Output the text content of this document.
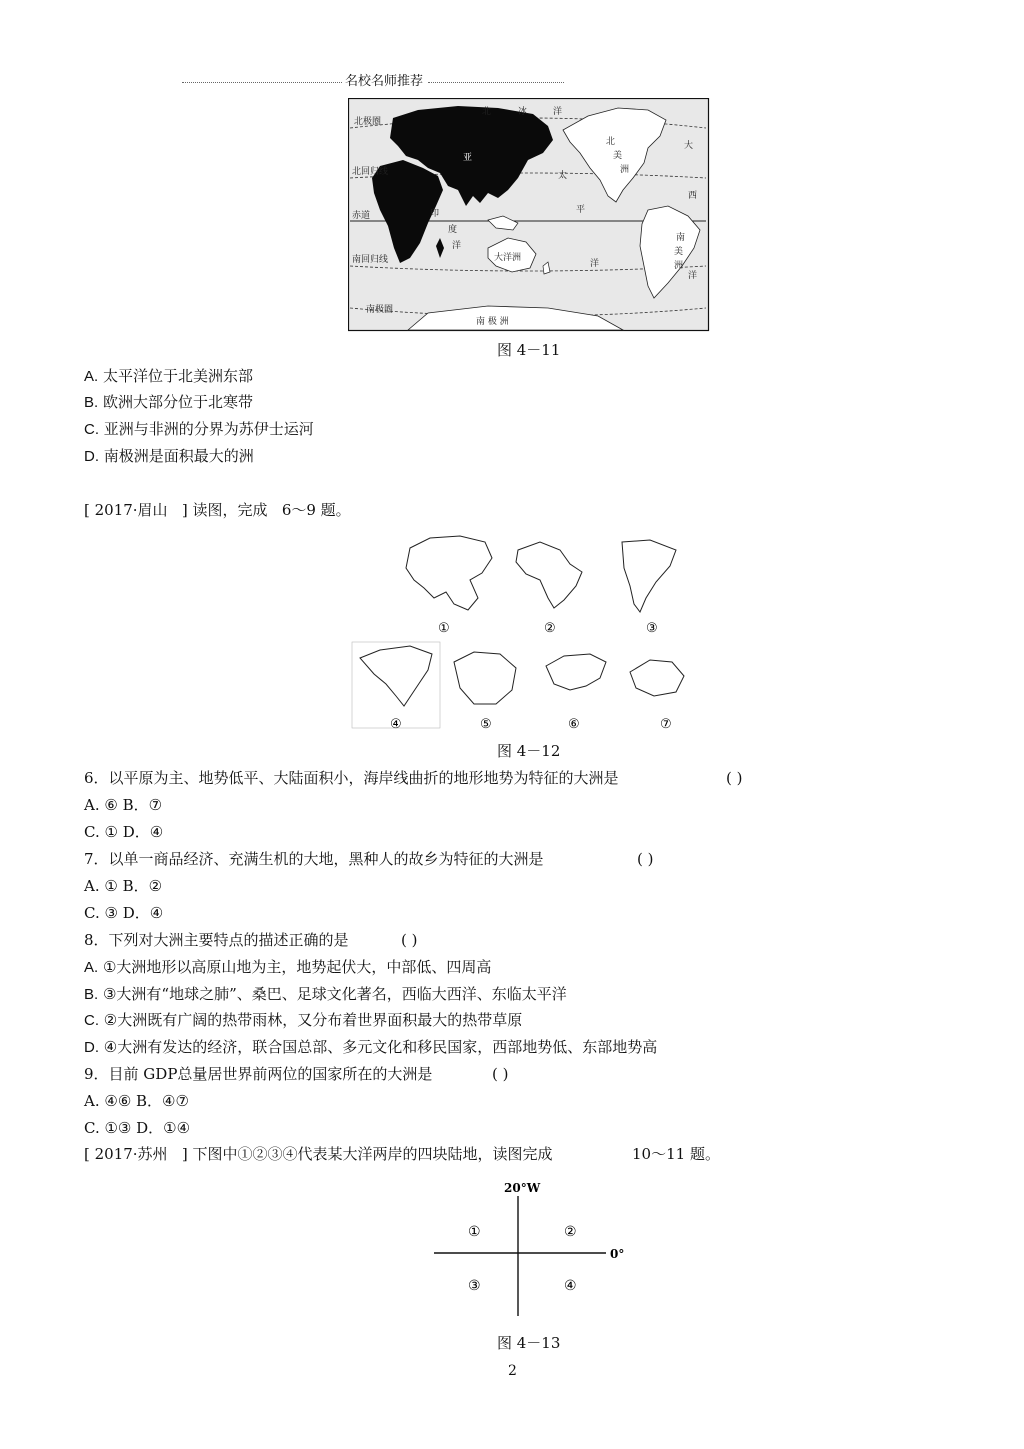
名校名师推荐
北极圈
北回归线
赤道
南回归线
南极圈
北	冰	洋
亚
北
美
洲
大
太
平
西
印
度
洋
大洋洲
洋
南
美
洲
洋
南 极 洲
图 4－11
A. 太平洋位于北美洲东部
B. 欧洲大部分位于北寒带
C. 亚洲与非洲的分界为苏伊士运河
D. 南极洲是面积最大的洲
[ 2017·眉山 ] 读图，完成 6～9 题。
①	②	③
④	⑤	⑥	⑦
图 4－12
6．以平原为主、地势低平、大陆面积小，海岸线曲折的地形地势为特征的大洲是	( )
A. ⑥ B．⑦
C. ① D．④
7．以单一商品经济、充满生机的大地，黑种人的故乡为特征的大洲是	( )
A. ① B．②
C. ③ D．④
8．下列对大洲主要特点的描述正确的是	( )
A. ①大洲地形以高原山地为主，地势起伏大，中部低、四周高
B. ③大洲有“地球之肺”、桑巴、足球文化著名，西临大西洋、东临太平洋
C. ②大洲既有广阔的热带雨林，又分布着世界面积最大的热带草原
D. ④大洲有发达的经济，联合国总部、多元文化和移民国家，西部地势低、东部地势高
9．目前 GDP总量居世界前两位的国家所在的大洲是	( )
A. ④⑥ B．④⑦
C. ①③ D．①④
[ 2017·苏州 ] 下图中①②③④代表某大洋两岸的四块陆地，读图完成	10～11 题。
20°W
0°
①	②
③	④
图 4－13
2
